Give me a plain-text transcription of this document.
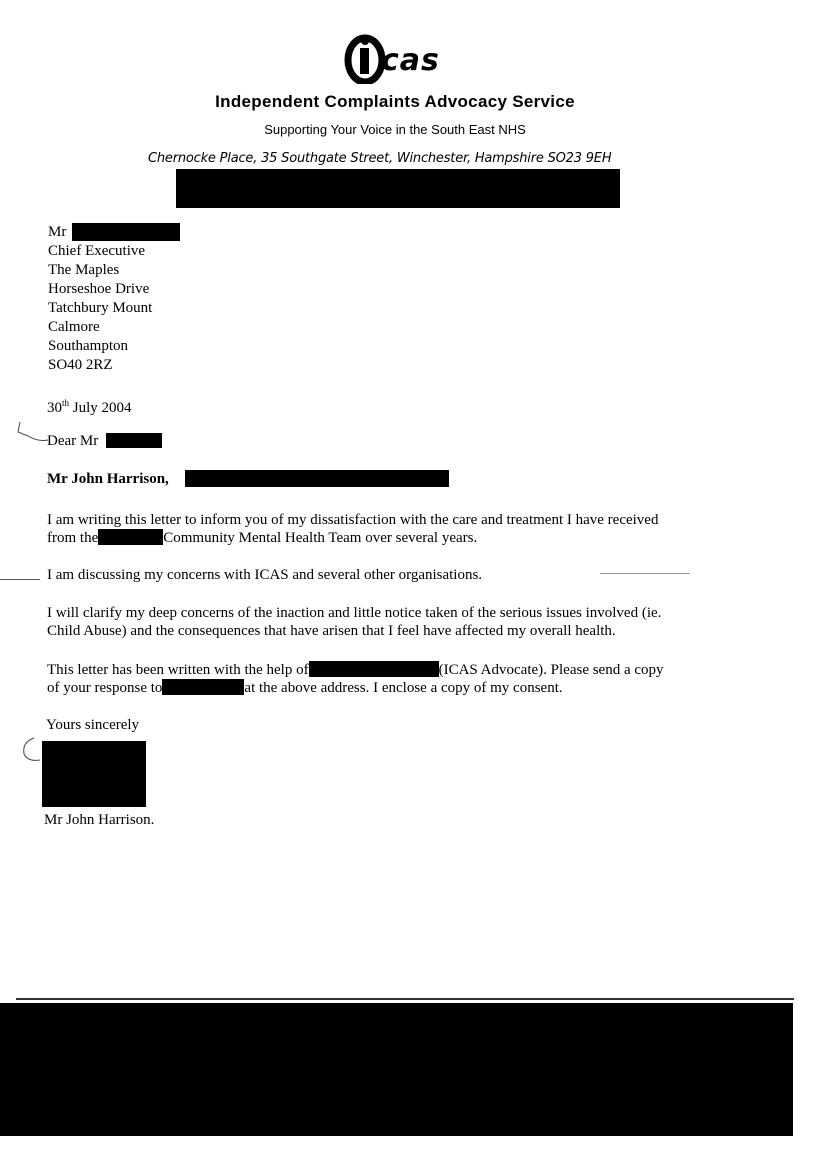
cas
Independent Complaints Advocacy Service
Supporting Your Voice in the South East NHS
Chernocke Place, 35 Southgate Street, Winchester, Hampshire SO23 9EH
Mr
Chief Executive
The Maples
Horseshoe Drive
Tatchbury Mount
Calmore
Southampton
SO40 2RZ
30th July 2004
Dear Mr
Mr John Harrison,
I am writing this letter to inform you of my dissatisfaction with the care and treatment I have received
from the	Community Mental Health Team over several years.
I am discussing my concerns with ICAS and several other organisations.
I will clarify my deep concerns of the inaction and little notice taken of the serious issues involved (ie.
Child Abuse) and the consequences that have arisen that I feel have affected my overall health.
This letter has been written with the help of	(ICAS Advocate). Please send a copy
of your response to	at the above address. I enclose a copy of my consent.
Yours sincerely
Mr John Harrison.
